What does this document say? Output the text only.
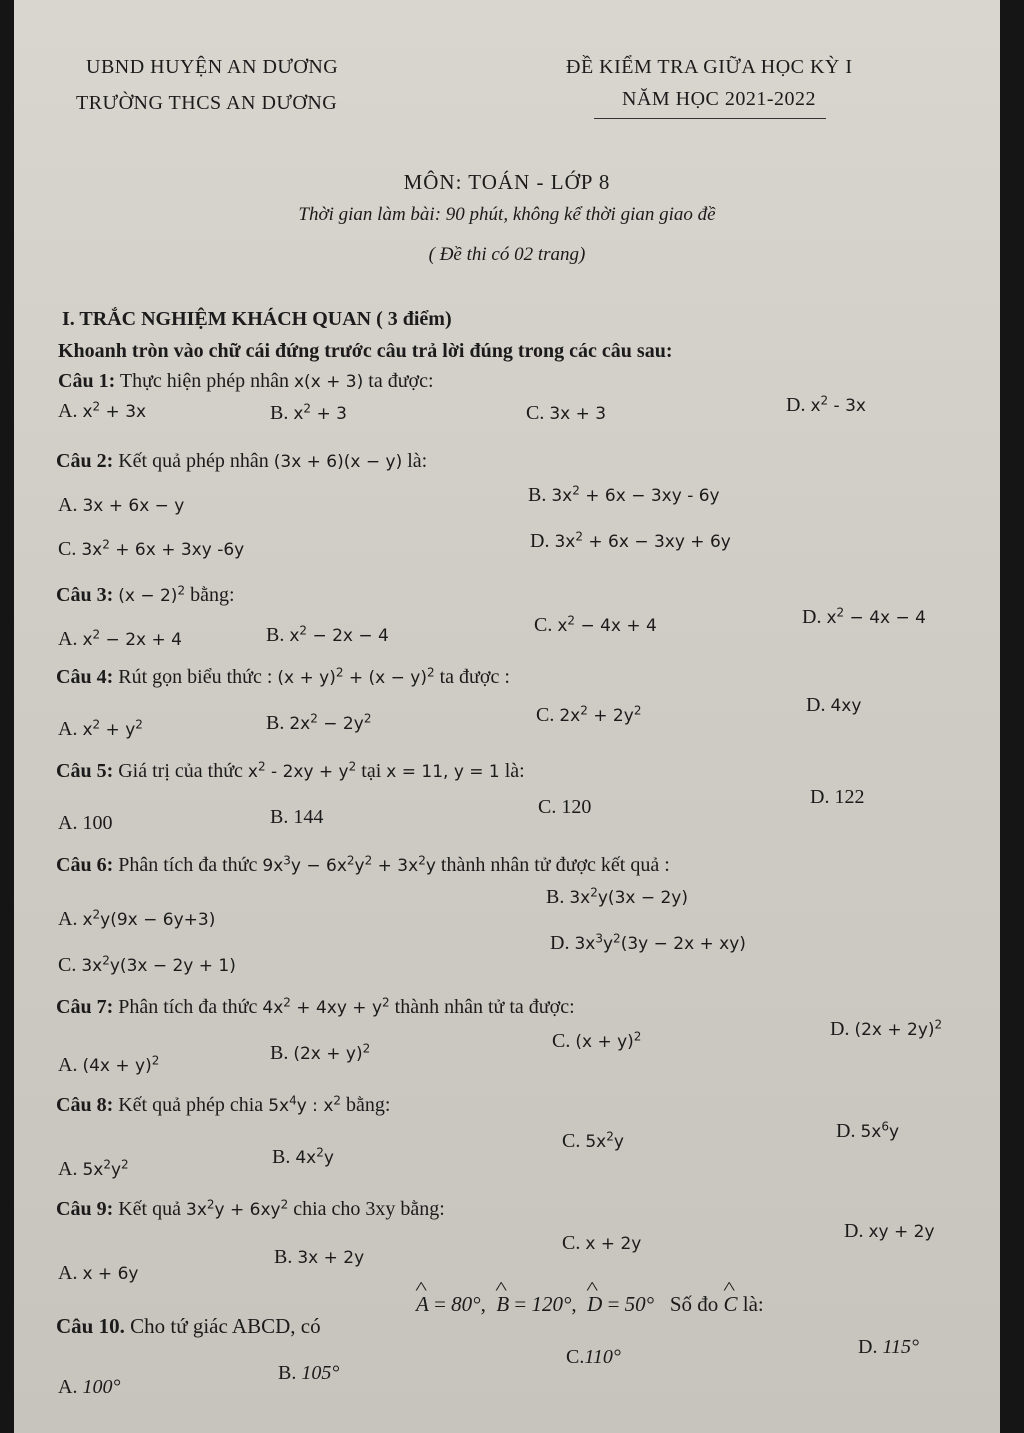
UBND HUYỆN AN DƯƠNG
TRƯỜNG THCS AN DƯƠNG
ĐỀ KIỂM TRA GIỮA HỌC KỲ I
NĂM HỌC 2021-2022
MÔN: TOÁN - LỚP 8
Thời gian làm bài: 90 phút, không kể thời gian giao đề
( Đề thi có 02 trang)
I. TRẮC NGHIỆM KHÁCH QUAN ( 3 điểm)
Khoanh tròn vào chữ cái đứng trước câu trả lời đúng trong các câu sau:
Câu 1: Thực hiện phép nhân x(x + 3) ta được:
A. $x^2 + 3x$	B. $x^2 + 3$	C. 3x + 3	D. $x^2 - 3x$
Câu 2: Kết quả phép nhân (3x + 6)(x − y) là:
A. 3x + 6x − y	B. $3x^2 + 6x - 3xy - 6y$
C. $3x^2 + 6x + 3xy$ -6y	D. $3x^2 + 6x - 3xy + 6y$
Câu 3: $(x - 2)^2$ bằng:
A. $x^2 - 2x + 4$	B. $x^2 - 2x - 4$	C. $x^2 - 4x + 4$	D. $x^2 - 4x - 4$
Câu 4: Rút gọn biểu thức : $(x + y)^2 + (x - y)^2$ ta được :
A. $x^2 + y^2$	B. $2x^2 - 2y^2$	C. $2x^2 + 2y^2$	D. 4xy
Câu 5: Giá trị của thức $x^2 - 2xy + y^2$ tại x = 11, y = 1 là:
A. 100	B. 144	C. 120	D. 122
Câu 6: Phân tích đa thức $9x^3y - 6x^2y^2 + 3x^2y$ thành nhân tử được kết quả :
A. $x^2y(9x - 6y+3)$
B. $3x^2y(3x - 2y)$
C. $3x^2y(3x - 2y + 1)$
D. $3x^3y^2(3y - 2x + xy)$
Câu 7: Phân tích đa thức $4x^2 + 4xy + y^2$ thành nhân tử ta được:
A. $(4x + y)^2$	B. $(2x + y)^2$	C. $(x + y)^2$	D. $(2x + 2y)^2$
Câu 8: Kết quả phép chia $5x^4y$ : $x^2$ bằng:
A. $5x^2y^2$	B. $4x^2y$
C. $5x^2y$	D. $5x^6y$
Câu 9: Kết quả $3x^2y + 6xy^2$ chia cho 3xy bằng:
A. x + 6y
B. 3x + 2y
C. x + 2y
D. xy + 2y
Câu 10. Cho tứ giác ABCD, có
^ A = 80°,  ^ B = 120°,  ^ D = 50° Số đo ^ C là:
A. 100°
B. 105°
C.110°	D. 115°
